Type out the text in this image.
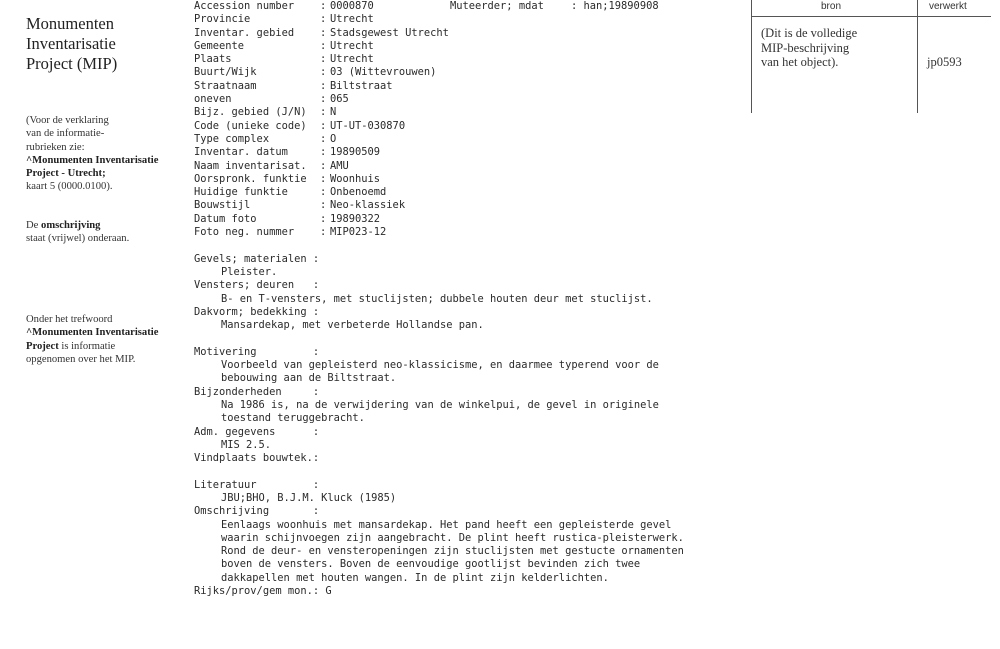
Monumenten
Inventarisatie
Project (MIP)

(Voor de verklaring
van de informatie-
rubrieken zie:
^Monumenten Inventarisatie
Project - Utrecht;
kaart 5 (0000.0100).

De omschrijving
staat (vrijwel) onderaan.

Onder het trefwoord
^Monumenten Inventarisatie
Project is informatie
opgenomen over het MIP.

Accession number : 0000870	Muteerder; mdat	: han;19890908
Provincie	: Utrecht
Inventar. gebied : Stadsgewest Utrecht
Gemeente	: Utrecht
Plaats	: Utrecht
Buurt/Wijk	: 03 (Wittevrouwen)
Straatnaam	: Biltstraat
oneven	: 065
Bijz. gebied (J/N) : N
Code (unieke code) : UT-UT-030870
Type complex	: O
Inventar. datum	: 19890509
Naam inventarisat. : AMU
Oorspronk. funktie : Woonhuis
Huidige funktie	: Onbenoemd
Bouwstijl	: Neo-klassiek
Datum foto	: 19890322
Foto neg. nummer : MIP023-12
Gevels; materialen :
Pleister.
Vensters; deuren   :
B- en T-vensters, met stuclijsten; dubbele houten deur met stuclijst.
Dakvorm; bedekking :
Mansardekap, met verbeterde Hollandse pan.
Motivering         :
Voorbeeld van gepleisterd neo-klassicisme, en daarmee typerend voor de
bebouwing aan de Biltstraat.
Bijzonderheden     :
Na 1986 is, na de verwijdering van de winkelpui, de gevel in originele
toestand teruggebracht.
Adm. gegevens      :
MIS 2.5.
Vindplaats bouwtek.:
Literatuur         :
JBU;BHO, B.J.M. Kluck (1985)
Omschrijving       :
Eenlaags woonhuis met mansardekap. Het pand heeft een gepleisterde gevel
waarin schijnvoegen zijn aangebracht. De plint heeft rustica-pleisterwerk.
Rond de deur- en vensteropeningen zijn stuclijsten met gestucte ornamenten
boven de vensters. Boven de eenvoudige gootlijst bevinden zich twee
dakkapellen met houten wangen. In de plint zijn kelderlichten.
Rijks/prov/gem mon.: G
bron	verwerkt
(Dit is de volledige
MIP-beschrijving
van het object).	jp0593
